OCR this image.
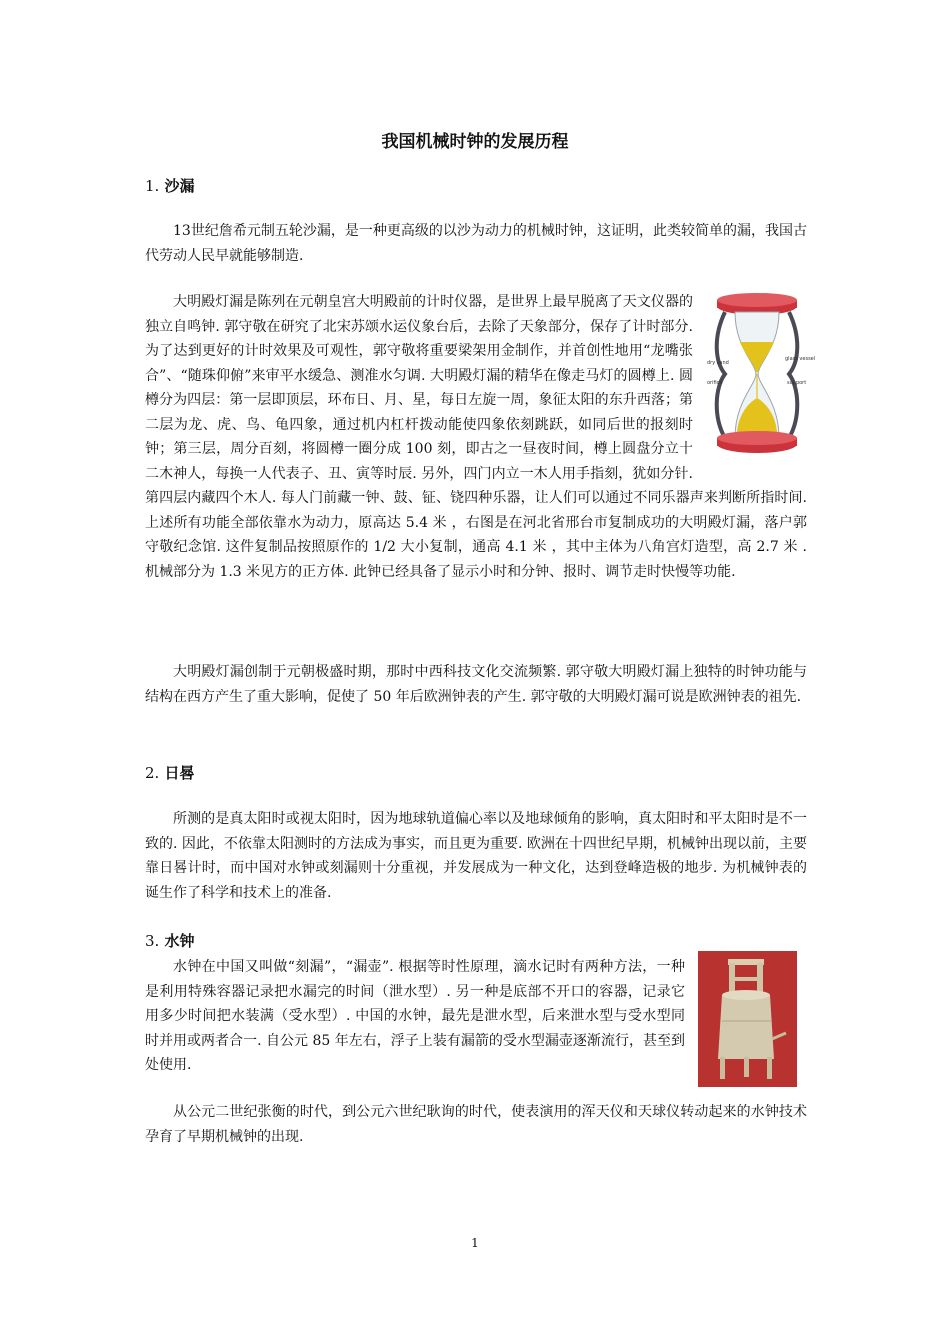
我国机械时钟的发展历程
1. 沙漏

13世纪詹希元制五轮沙漏，是一种更高级的以沙为动力的机械时钟，这证明，此类较简单的漏，我国古代劳动人民早就能够制造.

glass vessel
dry sand
support
orifice
大明殿灯漏是陈列在元朝皇宫大明殿前的计时仪器，是世界上最早脱离了天文仪器的独立自鸣钟. 郭守敬在研究了北宋苏颂水运仪象台后，去除了天象部分，保存了计时部分. 为了达到更好的计时效果及可观性，郭守敬将重要梁架用金制作，并首创性地用“龙嘴张合”、“随珠仰俯”来审平水缓急、测准水匀调. 大明殿灯漏的精华在像走马灯的圆樽上. 圆樽分为四层：第一层即顶层，环布日、月、星，每日左旋一周，象征太阳的东升西落；第二层为龙、虎、鸟、龟四象，通过机内杠杆拨动能使四象依刻跳跃，如同后世的报刻时钟；第三层，周分百刻，将圆樽一圈分成 100 刻，即古之一昼夜时间，樽上圆盘分立十二木神人，每换一人代表子、丑、寅等时辰. 另外，四门内立一木人用手指刻，犹如分针. 第四层内藏四个木人. 每人门前藏一钟、鼓、钲、铙四种乐器，让人们可以通过不同乐器声来判断所指时间. 上述所有功能全部依靠水为动力，原高达 5.4 米 ，右图是在河北省邢台市复制成功的大明殿灯漏，落户郭守敬纪念馆. 这件复制品按照原作的 1/2 大小复制，通高 4.1 米 ，其中主体为八角宫灯造型，高 2.7 米 . 机械部分为 1.3 米见方的正方体. 此钟已经具备了显示小时和分钟、报时、调节走时快慢等功能.

大明殿灯漏创制于元朝极盛时期，那时中西科技文化交流频繁. 郭守敬大明殿灯漏上独特的时钟功能与结构在西方产生了重大影响，促使了 50 年后欧洲钟表的产生. 郭守敬的大明殿灯漏可说是欧洲钟表的祖先.

2. 日晷

所测的是真太阳时或视太阳时，因为地球轨道偏心率以及地球倾角的影响，真太阳时和平太阳时是不一致的. 因此，不依靠太阳测时的方法成为事实，而且更为重要. 欧洲在十四世纪早期，机械钟出现以前，主要靠日晷计时，而中国对水钟或刻漏则十分重视，并发展成为一种文化，达到登峰造极的地步. 为机械钟表的诞生作了科学和技术上的准备.

3. 水钟

水钟在中国又叫做“刻漏”，“漏壶”. 根据等时性原理，滴水记时有两种方法，一种是利用特殊容器记录把水漏完的时间（泄水型）. 另一种是底部不开口的容器，记录它用多少时间把水装满（受水型）. 中国的水钟，最先是泄水型，后来泄水型与受水型同时并用或两者合一. 自公元 85 年左右，浮子上装有漏箭的受水型漏壶逐渐流行，甚至到处使用.

从公元二世纪张衡的时代，到公元六世纪耿询的时代，使表演用的浑天仪和天球仪转动起来的水钟技术孕育了早期机械钟的出现.

1
